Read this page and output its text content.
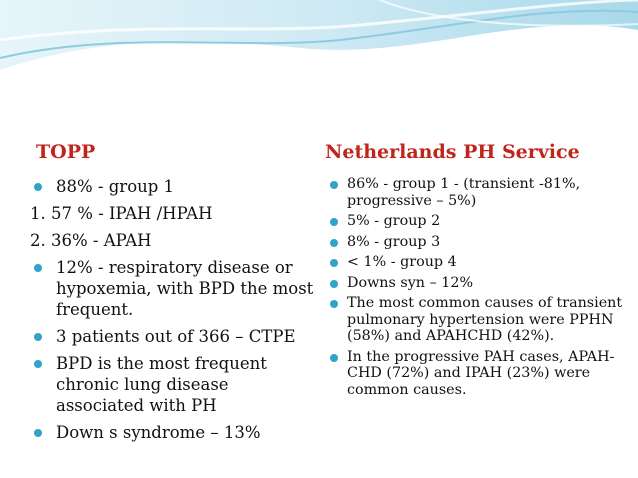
TOPP
88% - group 1
1. 57 % - IPAH /HPAH
2. 36% - APAH
12% - respiratory disease or hypoxemia, with BPD the most frequent.
3 patients out of 366 – CTPE
BPD is the most frequent chronic lung disease associated with PH
Down s syndrome – 13%
Netherlands PH Service
86% - group 1 - (transient -81%, progressive – 5%)
5% - group 2
8% - group 3
< 1% - group 4
Downs syn – 12%
The most common causes of transient pulmonary hypertension were PPHN (58%) and APAHCHD (42%).
In the progressive PAH cases, APAH-CHD (72%) and IPAH (23%) were common causes.
